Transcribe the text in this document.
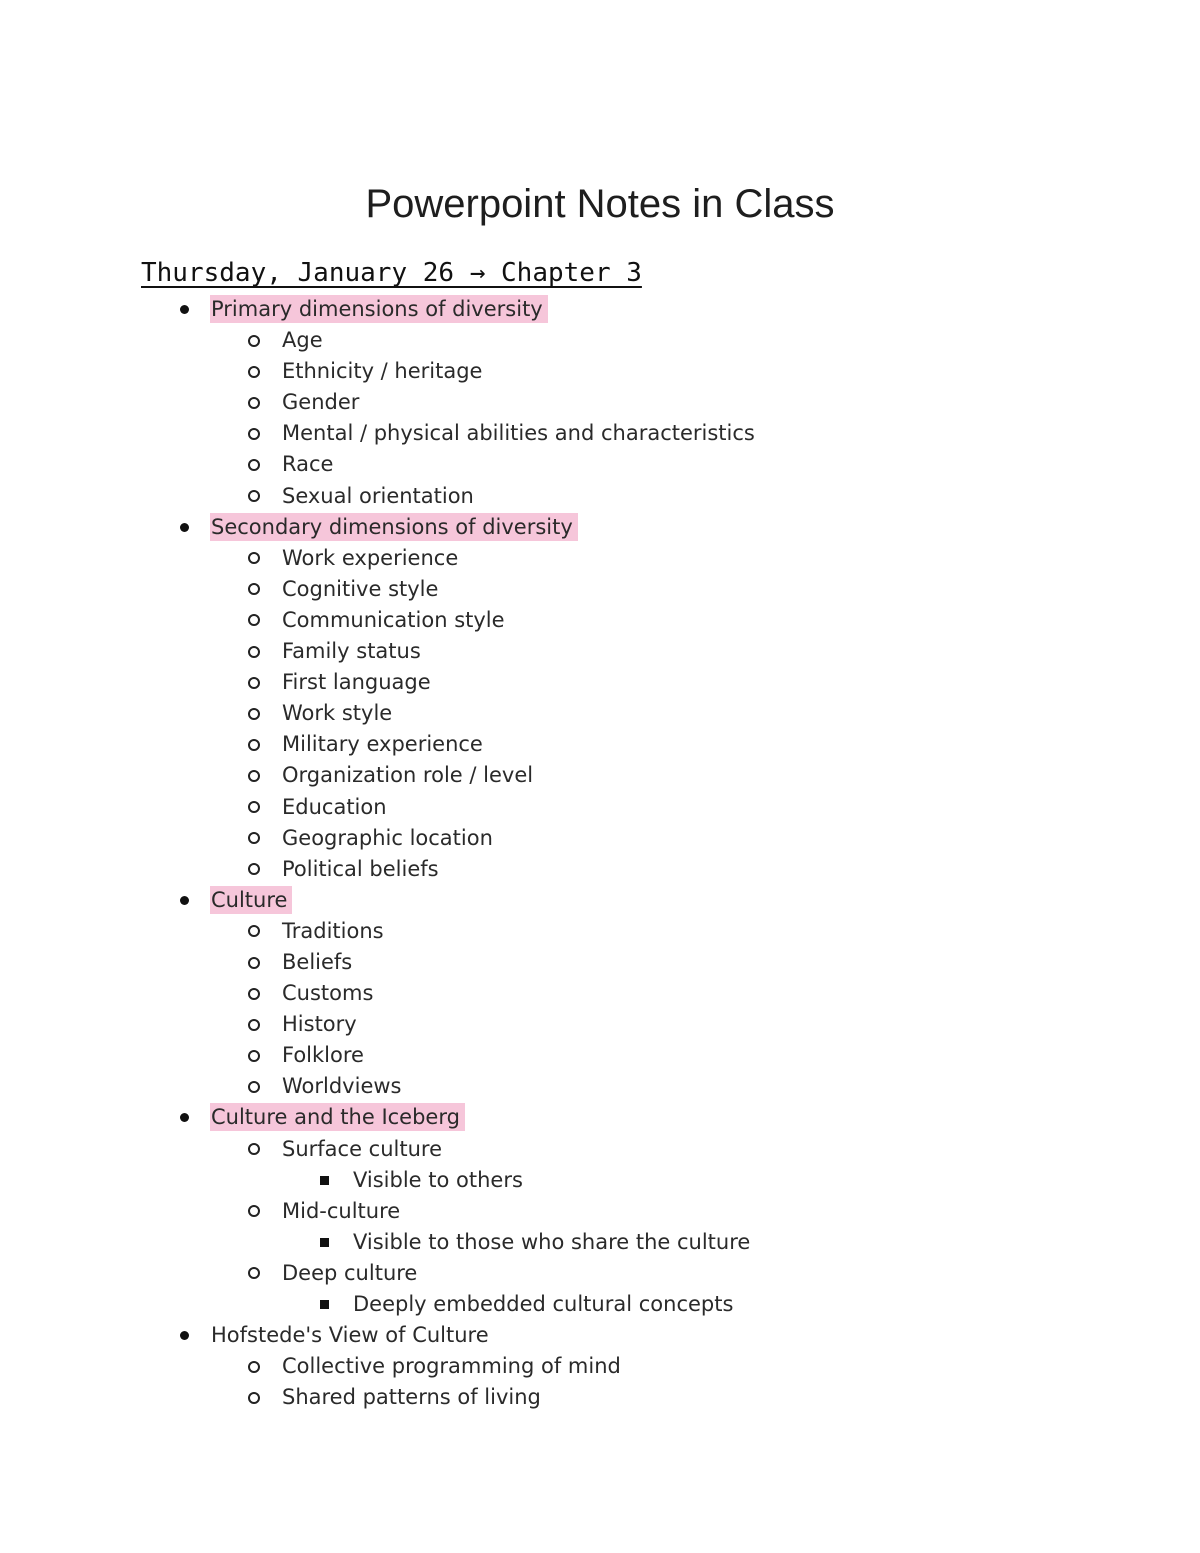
Powerpoint Notes in Class
Thursday, January 26 → Chapter 3
Primary dimensions of diversity
Age
Ethnicity / heritage
Gender
Mental / physical abilities and characteristics
Race
Sexual orientation
Secondary dimensions of diversity
Work experience
Cognitive style
Communication style
Family status
First language
Work style
Military experience
Organization role / level
Education
Geographic location
Political beliefs
Culture
Traditions
Beliefs
Customs
History
Folklore
Worldviews
Culture and the Iceberg
Surface culture
Visible to others
Mid-culture
Visible to those who share the culture
Deep culture
Deeply embedded cultural concepts
Hofstede's View of Culture
Collective programming of mind
Shared patterns of living
